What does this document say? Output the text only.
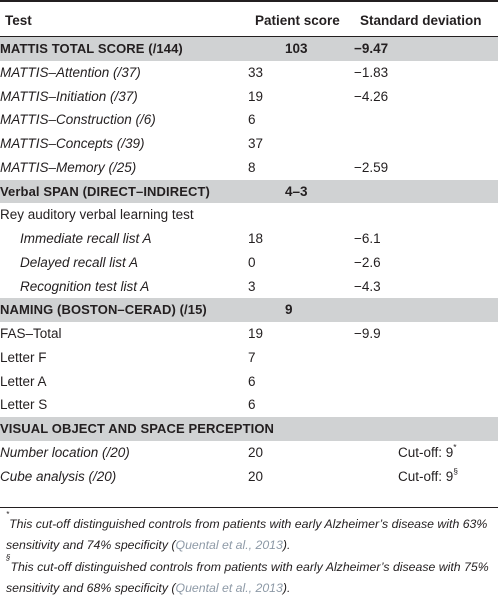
Test	Patient score	Standard deviation
MATTIS TOTAL SCORE (/144)	103	−9.47
MATTIS–Attention (/37)	33	−1.83
MATTIS–Initiation (/37)	19	−4.26
MATTIS–Construction (/6)	6	
MATTIS–Concepts (/39)	37	
MATTIS–Memory (/25)	8	−2.59
Verbal SPAN (DIRECT–INDIRECT)	4–3	
Rey auditory verbal learning test		
Immediate recall list A	18	−6.1
Delayed recall list A	0	−2.6
Recognition test list A	3	−4.3
NAMING (BOSTON–CERAD) (/15)	9	
FAS–Total	19	−9.9
Letter F	7	
Letter A	6	
Letter S	6	
VISUAL OBJECT AND SPACE PERCEPTION		
Number location (/20)	20	Cut-off: 9*
Cube analysis (/20)	20	Cut-off: 9§

*This cut-off distinguished controls from patients with early Alzheimer’s disease with 63% sensitivity and 74% specificity (Quental et al., 2013).

§This cut-off distinguished controls from patients with early Alzheimer’s disease with 75% sensitivity and 68% specificity (Quental et al., 2013).
